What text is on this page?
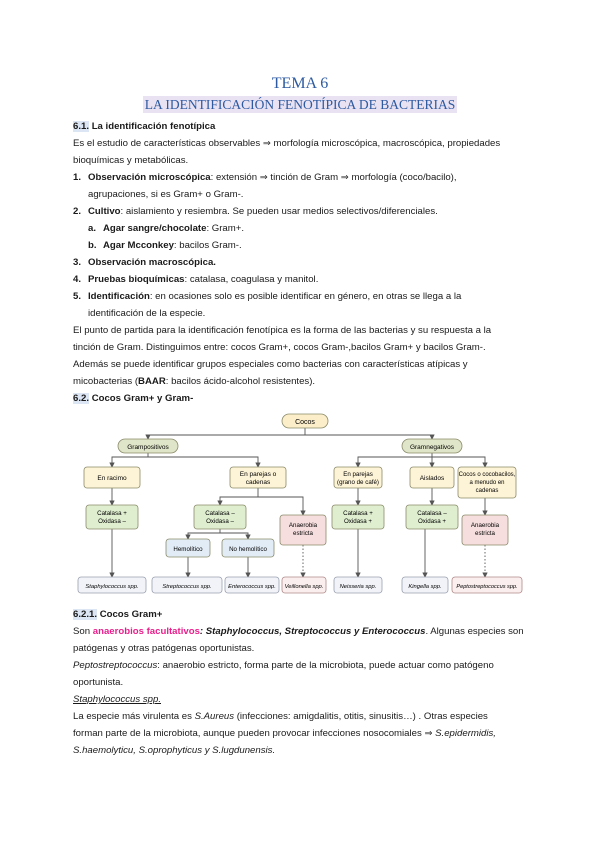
TEMA 6
LA IDENTIFICACIÓN FENOTÍPICA DE BACTERIAS
6.1. La identificación fenotípica
Es el estudio de características observables ⇒ morfología microscópica, macroscópica, propiedades
bioquímicas y metabólicas.
1. Observación microscópica: extensión ⇒ tinción de Gram ⇒ morfología (coco/bacilo),
agrupaciones, si es Gram+ o Gram-.
2. Cultivo: aislamiento y resiembra. Se pueden usar medios selectivos/diferenciales.
a. Agar sangre/chocolate: Gram+.
b. Agar Mcconkey: bacilos Gram-.
3. Observación macroscópica.
4. Pruebas bioquímicas: catalasa, coagulasa y manitol.
5. Identificación: en ocasiones solo es posible identificar en género, en otras se llega a la
identificación de la especie.
El punto de partida para la identificación fenotípica es la forma de las bacterias y su respuesta a la
tinción de Gram. Distinguimos entre: cocos Gram+, cocos Gram-,bacilos Gram+ y bacilos Gram-.
Además se puede identificar grupos especiales como bacterias con características atípicas y
micobacterias (BAAR: bacilos ácido-alcohol resistentes).
6.2. Cocos Gram+ y Gram-
Cocos
Grampositivos	Gramnegativos
En racimo
En parejas o
cadenas
En parejas
(grano de café)
Aislados Cocos o cocobacilos,
a menudo en
cadenas
Catalasa +
Oxidasa –
Catalasa –
Oxidasa –
Anaerobia
estricta
Catalasa +
Oxidasa +
Catalasa –
Oxidasa +
Anaerobia
estricta
Hemolítico	No hemolítico
Staphylococcus spp.	Streptococcus spp.	Enterococcus spp. Veillonella spp.	Neisseria spp.	Kingella spp.	Peptostreptococcus spp.
6.2.1. Cocos Gram+
Son anaerobios facultativos: Staphylococcus, Streptococcus y Enterococcus. Algunas especies son
patógenas y otras patógenas oportunistas.
Peptostreptococcus: anaerobio estricto, forma parte de la microbiota, puede actuar como patógeno
oportunista.
Staphylococcus spp.
La especie más virulenta es S.Aureus (infecciones: amigdalitis, otitis, sinusitis…) . Otras especies
forman parte de la microbiota, aunque pueden provocar infecciones nosocomiales ⇒ S.epidermidis,
S.haemolyticu, S.oprophyticus y S.lugdunensis.
